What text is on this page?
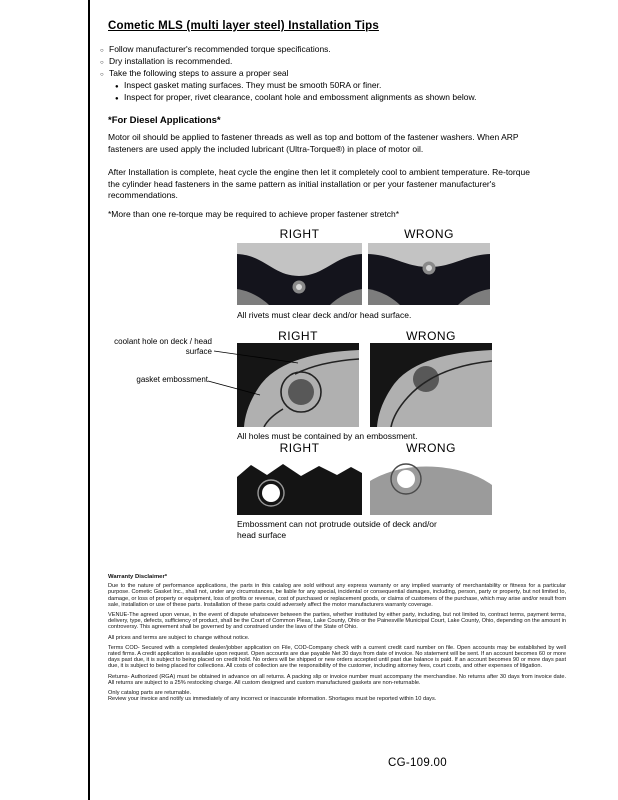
Cometic MLS (multi layer steel) Installation Tips
○ Follow manufacturer's recommended torque specifications.
○ Dry installation is recommended.
○ Take the following steps to assure a proper seal
● Inspect gasket mating surfaces. They must be smooth 50RA or finer.
● Inspect for proper, rivet clearance, coolant hole and embossment alignments as shown below.
*For Diesel Applications*

Motor oil should be applied to fastener threads as well as top and bottom of the fastener washers. When ARP fasteners are used apply the included lubricant (Ultra-Torque®) in place of motor oil.

After Installation is complete, heat cycle the engine then let it completely cool to ambient temperature. Re-torque the cylinder head fasteners in the same pattern as initial installation or per your fastener manufacturer's recommendations.

*More than one re-torque may be required to achieve proper fastener stretch*

RIGHT	WRONG
All rivets must clear deck and/or head surface.
RIGHT	WRONG
coolant hole on deck / head surface
gasket embossment
All holes must be contained by an embossment.
RIGHT	WRONG
Embossment can not protrude outside of deck and/or head surface
Warranty Disclaimer*

Due to the nature of performance applications, the parts in this catalog are sold without any express warranty or any implied warranty of merchantability or fitness for a particular purpose. Cometic Gasket Inc., shall not, under any circumstances, be liable for any special, incidental or consequential damages, including, person, party or property, but not limited to, damage, or loss of property or equipment, loss of profits or revenue, cost of purchased or replacement goods, or claims of customers of the purchase, which may arise and/or result from sale, installation or use of these parts. Installation of these parts could adversely affect the motor manufacturers warranty coverage.

VENUE-The agreed upon venue, in the event of dispute whatsoever between the parties, whether instituted by either party, including, but not limited to, contract terms, payment terms, delivery, type, defects, sufficiency of product, shall be the Court of Common Pleas, Lake County, Ohio or the Painesville Municipal Court, Lake County, Ohio, depending on the amount in controversy. This agreement shall be governed by and construed under the laws of the State of Ohio.

All prices and terms are subject to change without notice.

Terms COD- Secured with a completed dealer/jobber application on File, COD-Company check with a current credit card number on file. Open accounts may be established by well rated firms. A credit application is available upon request. Open accounts are due payable Net 30 days from date of invoice. No statement will be sent. If an account becomes 60 or more days past due, it is subject to being placed on credit hold. No orders will be shipped or new orders accepted until past due balance is paid. If an account becomes 90 or more days past due, it is subject to being placed for collections. All costs of collection are the responsibility of the customer, including attorney fees, court costs, and other expenses of litigation.

Returns- Authorized (RGA) must be obtained in advance on all returns. A packing slip or invoice number must accompany the merchandise. No returns after 30 days from invoice date. All returns are subject to a 25% restocking charge. All custom designed and custom manufactured gaskets are non-returnable.

Only catalog parts are returnable.

Review your invoice and notify us immediately of any incorrect or inaccurate information. Shortages must be reported within 10 days.

CG-109.00
